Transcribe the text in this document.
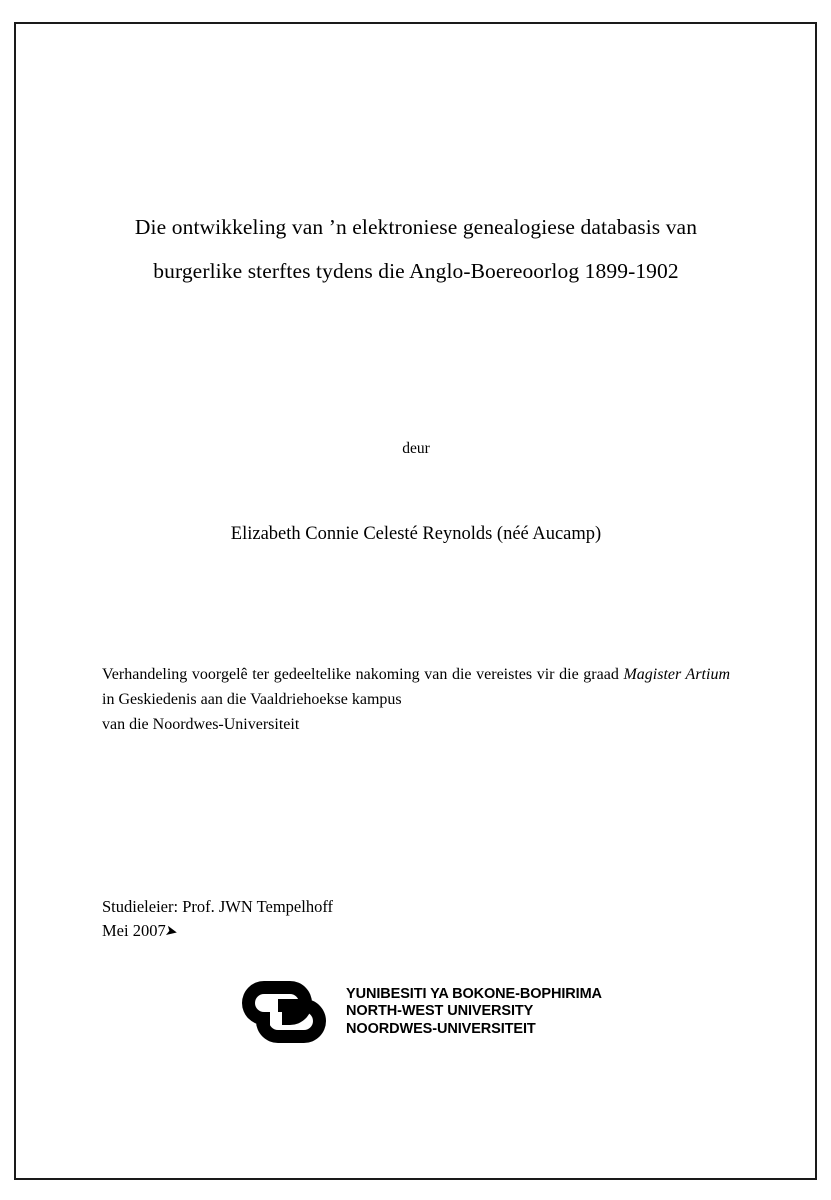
Die ontwikkeling van ’n elektroniese genealogiese databasis van
burgerlike sterftes tydens die Anglo-Boereoorlog 1899-1902
deur
Elizabeth Connie Celesté Reynolds (néé Aucamp)
Verhandeling voorgelê ter gedeeltelike nakoming van die vereistes vir die graad Magister Artium in Geskiedenis aan die Vaaldriehoekse kampus
van die Noordwes-Universiteit
Studieleier: Prof. JWN Tempelhoff
Mei 2007
➤
YUNIBESITI YA BOKONE-BOPHIRIMA
NORTH-WEST UNIVERSITY
NOORDWES-UNIVERSITEIT
